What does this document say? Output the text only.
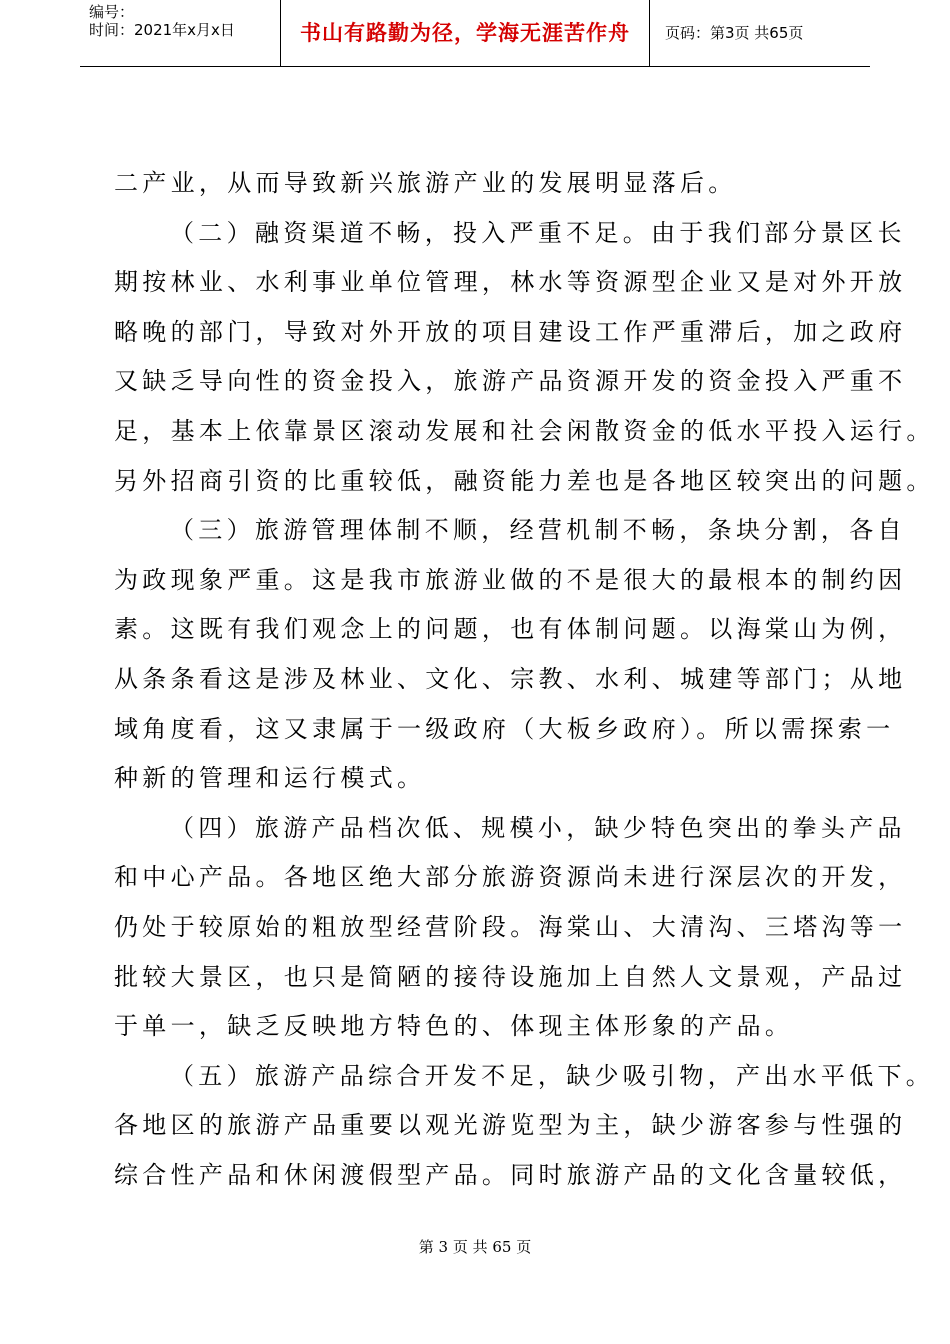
编号：
时间：2021年x月x日	书山有路勤为径，学海无涯苦作舟	页码：第3页 共65页
二产业，从而导致新兴旅游产业的发展明显落后。
（二）融资渠道不畅，投入严重不足。由于我们部分景区长
期按林业、水利事业单位管理，林水等资源型企业又是对外开放
略晚的部门，导致对外开放的项目建设工作严重滞后，加之政府
又缺乏导向性的资金投入，旅游产品资源开发的资金投入严重不
足，基本上依靠景区滚动发展和社会闲散资金的低水平投入运行。
另外招商引资的比重较低，融资能力差也是各地区较突出的问题。
（三）旅游管理体制不顺，经营机制不畅，条块分割，各自
为政现象严重。这是我市旅游业做的不是很大的最根本的制约因
素。这既有我们观念上的问题，也有体制问题。以海棠山为例，
从条条看这是涉及林业、文化、宗教、水利、城建等部门；从地
域角度看，这又隶属于一级政府（大板乡政府）。所以需探索一
种新的管理和运行模式。
（四）旅游产品档次低、规模小，缺少特色突出的拳头产品
和中心产品。各地区绝大部分旅游资源尚未进行深层次的开发，
仍处于较原始的粗放型经营阶段。海棠山、大清沟、三塔沟等一
批较大景区，也只是简陋的接待设施加上自然人文景观，产品过
于单一，缺乏反映地方特色的、体现主体形象的产品。
（五）旅游产品综合开发不足，缺少吸引物，产出水平低下。
各地区的旅游产品重要以观光游览型为主，缺少游客参与性强的
综合性产品和休闲渡假型产品。同时旅游产品的文化含量较低，
第 3 页 共 65 页
